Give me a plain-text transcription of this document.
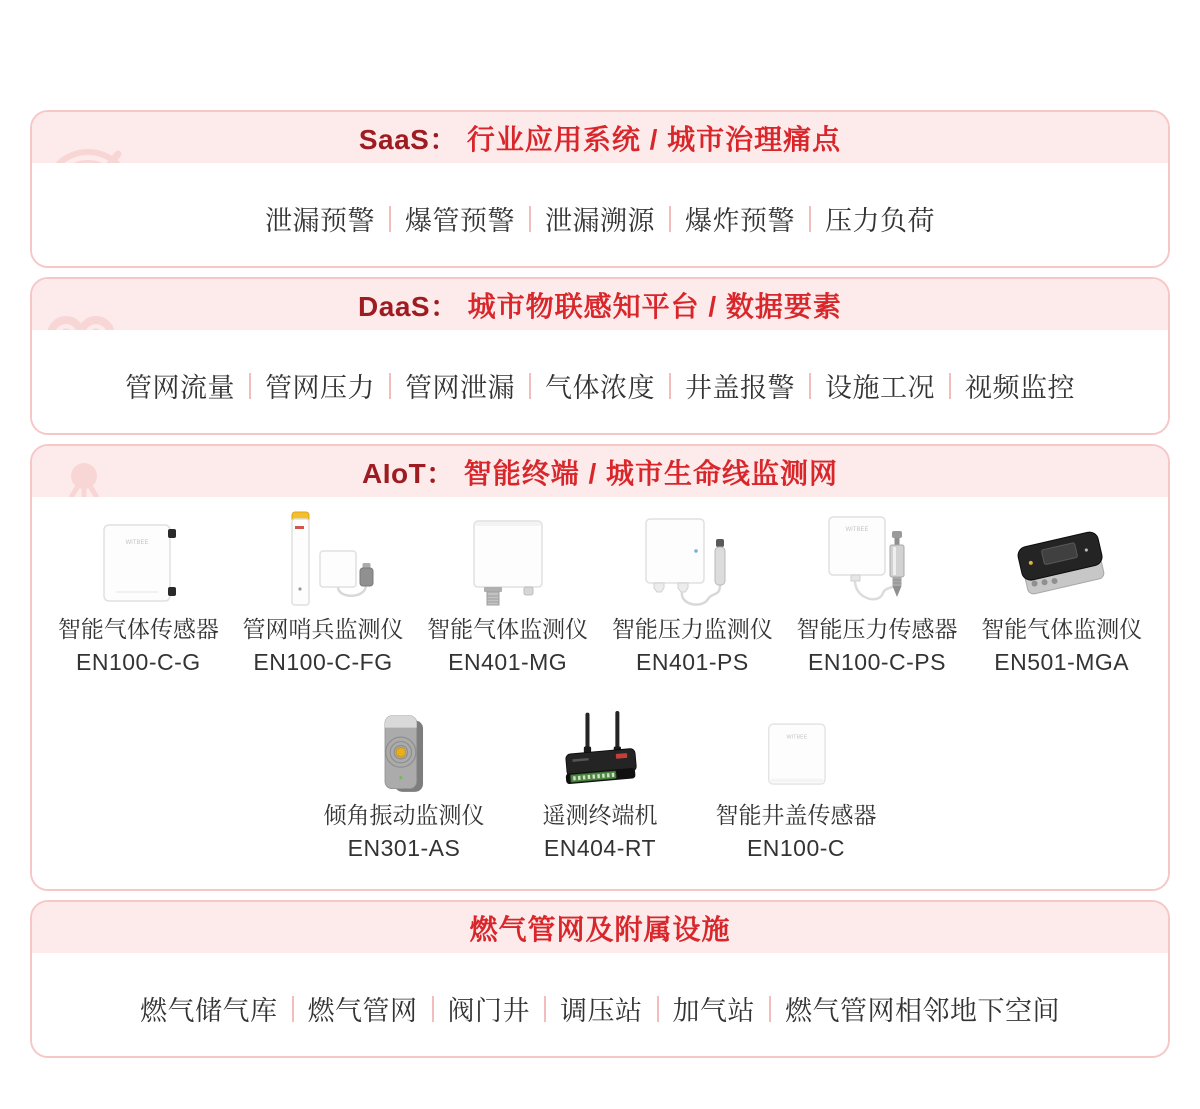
SaaS： 行业应用系统 / 城市治理痛点
泄漏预警 爆管预警 泄漏溯源 爆炸预警 压力负荷
DaaS： 城市物联感知平台 / 数据要素
管网流量 管网压力 管网泄漏 气体浓度 井盖报警 设施工况 视频监控
AIoT： 智能终端 / 城市生命线监测网
WITBEE
智能气体传感器
EN100-C-G
管网哨兵监测仪
EN100-C-FG
智能气体监测仪
EN401-MG
智能压力监测仪
EN401-PS
WITBEE
智能压力传感器
EN100-C-PS
智能气体监测仪
EN501-MGA
倾角振动监测仪
EN301-AS
遥测终端机
EN404-RT
WITBEE
智能井盖传感器
EN100-C
燃气管网及附属设施
燃气储气库 燃气管网 阀门井 调压站 加气站 燃气管网相邻地下空间
